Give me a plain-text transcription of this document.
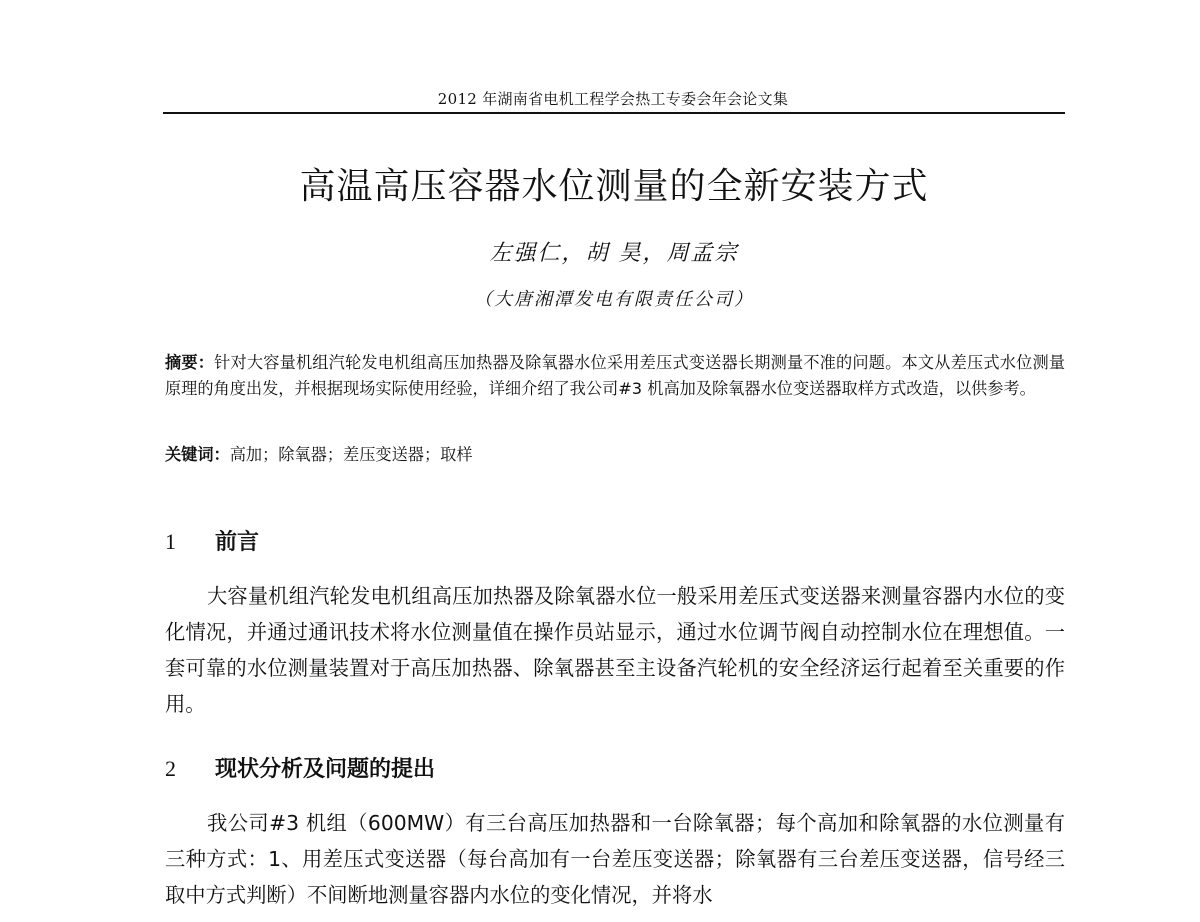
2012 年湖南省电机工程学会热工专委会年会论文集
高温高压容器水位测量的全新安装方式
左强仁，胡 昊，周孟宗
（大唐湘潭发电有限责任公司）
摘要：针对大容量机组汽轮发电机组高压加热器及除氧器水位采用差压式变送器长期测量不准的问题。本文从差压式水位测量原理的角度出发，并根据现场实际使用经验，详细介绍了我公司#3 机高加及除氧器水位变送器取样方式改造，以供参考。
关键词：高加；除氧器；差压变送器；取样
1 前言
大容量机组汽轮发电机组高压加热器及除氧器水位一般采用差压式变送器来测量容器内水位的变化情况，并通过通讯技术将水位测量值在操作员站显示，通过水位调节阀自动控制水位在理想值。一套可靠的水位测量装置对于高压加热器、除氧器甚至主设备汽轮机的安全经济运行起着至关重要的作用。
2 现状分析及问题的提出
我公司#3 机组（600MW）有三台高压加热器和一台除氧器；每个高加和除氧器的水位测量有三种方式：1、用差压式变送器（每台高加有一台差压变送器；除氧器有三台差压变送器，信号经三取中方式判断）不间断地测量容器内水位的变化情况，并将水
